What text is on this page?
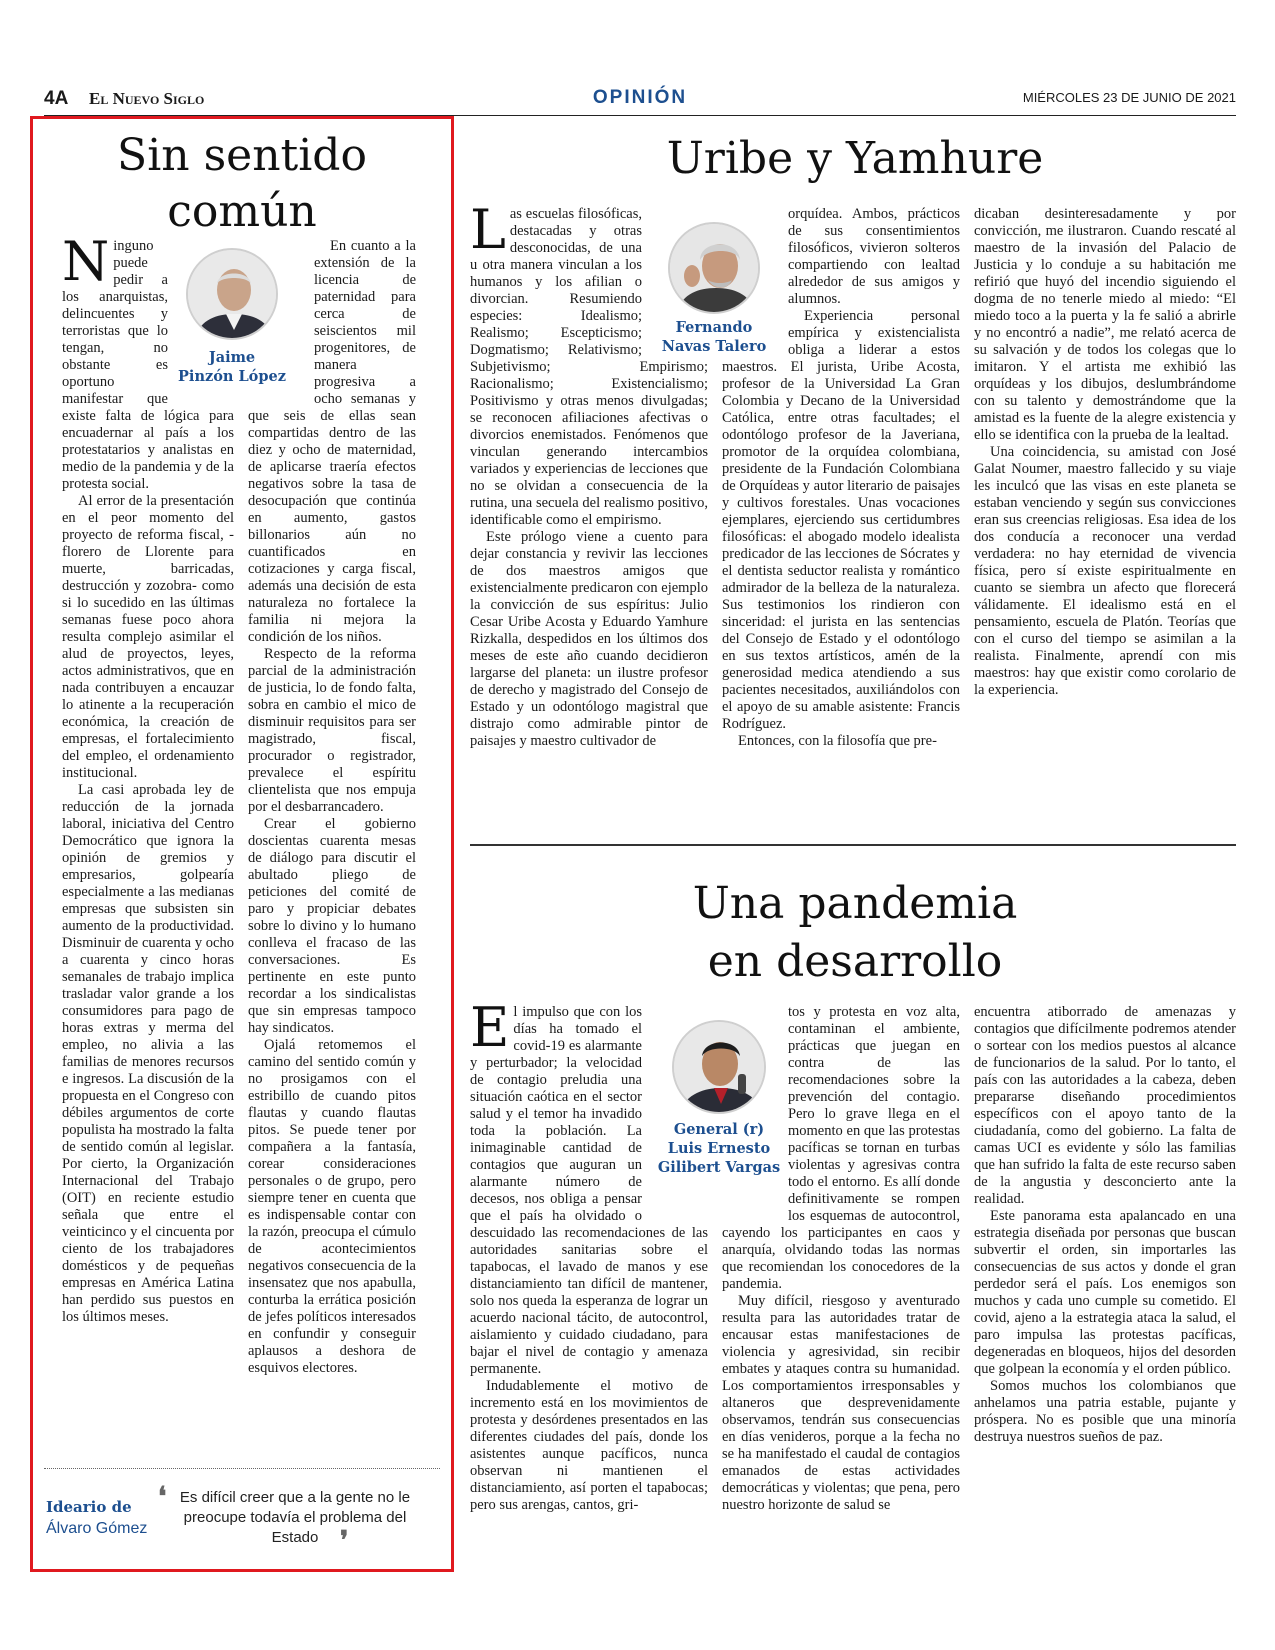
4A El Nuevo Siglo	OPINIÓN	MIÉRCOLES 23 DE JUNIO DE 2021
Sin sentido común
Jaime
Pinzón López

Ninguno puede pedir a los anarquistas, delincuentes y terroristas que lo tengan, no obstante es oportuno manifestar que existe falta de lógica para encuadernar al país a los protestatarios y analistas en medio de la pandemia y de la protesta social.

Al error de la presentación en el peor momento del proyecto de reforma fiscal, -florero de Llorente para muerte, barricadas, destrucción y zozobra- como si lo sucedido en las últimas semanas fuese poco ahora resulta complejo asimilar el alud de proyectos, leyes, actos administrativos, que en nada contribuyen a encauzar lo atinente a la recuperación económica, la creación de empresas, el fortalecimiento del empleo, el ordenamiento institucional.

La casi aprobada ley de reducción de la jornada laboral, iniciativa del Centro Democrático que ignora la opinión de gremios y empresarios, golpearía especialmente a las medianas empresas que subsisten sin aumento de la productividad. Disminuir de cuarenta y ocho a cuarenta y cinco horas semanales de trabajo implica trasladar valor grande a los consumidores para pago de horas extras y merma del empleo, no alivia a las familias de menores recursos e ingresos. La discusión de la propuesta en el Congreso con débiles argumentos de corte populista ha mostrado la falta de sentido común al legislar. Por cierto, la Organización Internacional del Trabajo (OIT) en reciente estudio señala que entre el veinticinco y el cincuenta por ciento de los trabajadores domésticos y de pequeñas empresas en América Latina han perdido sus puestos en los últimos meses.

En cuanto a la extensión de la licencia de paternidad para cerca de seiscientos mil progenitores, de manera progresiva a ocho semanas y que seis de ellas sean compartidas dentro de las diez y ocho de maternidad, de aplicarse traería efectos negativos sobre la tasa de desocupación que continúa en aumento, gastos billonarios aún no cuantificados en cotizaciones y carga fiscal, además una decisión de esta naturaleza no fortalece la familia ni mejora la condición de los niños.

Respecto de la reforma parcial de la administración de justicia, lo de fondo falta, sobra en cambio el mico de disminuir requisitos para ser magistrado, fiscal, procurador o registrador, prevalece el espíritu clientelista que nos empuja por el desbarrancadero.

Crear el gobierno doscientas cuarenta mesas de diálogo para discutir el abultado pliego de peticiones del comité de paro y propiciar debates sobre lo divino y lo humano conlleva el fracaso de las conversaciones. Es pertinente en este punto recordar a los sindicalistas que sin empresas tampoco hay sindicatos.

Ojalá retomemos el camino del sentido común y no prosigamos con el estribillo de cuando pitos flautas y cuando flautas pitos. Se puede tener por compañera a la fantasía, corear consideraciones personales o de grupo, pero siempre tener en cuenta que es indispensable contar con la razón, preocupa el cúmulo de acontecimientos negativos consecuencia de la insensatez que nos apabulla, conturba la errática posición de jefes políticos interesados en confundir y conseguir aplausos a deshora de esquivos electores.

Ideario de
Álvaro Gómez
❛ Es difícil creer que a la gente no le preocupe todavía el problema del Estado ❜
Uribe y Yamhure
Fernando
Navas Talero

Las escuelas filosóficas, destacadas y otras desconocidas, de una u otra manera vinculan a los humanos y los afilian o divorcian. Resumiendo especies: Idealismo; Realismo; Escepticismo; Dogmatismo; Relativismo; Subjetivismo; Empirismo; Racionalismo; Existencialismo; Positivismo y otras menos divulgadas; se reconocen afiliaciones afectivas o divorcios enemistados. Fenómenos que vinculan generando intercambios variados y experiencias de lecciones que no se olvidan a consecuencia de la rutina, una secuela del realismo positivo, identificable como el empirismo.

Este prólogo viene a cuento para dejar constancia y revivir las lecciones de dos maestros amigos que existencialmente predicaron con ejemplo la convicción de sus espíritus: Julio Cesar Uribe Acosta y Eduardo Yamhure Rizkalla, despedidos en los últimos dos meses de este año cuando decidieron largarse del planeta: un ilustre profesor de derecho y magistrado del Consejo de Estado y un odontólogo magistral que distrajo como admirable pintor de paisajes y maestro cultivador de

orquídea. Ambos, prácticos de sus consentimientos filosóficos, vivieron solteros compartiendo con lealtad alrededor de sus amigos y alumnos.

Experiencia personal empírica y existencialista obliga a liderar a estos maestros. El jurista, Uribe Acosta, profesor de la Universidad La Gran Colombia y Decano de la Universidad Católica, entre otras facultades; el odontólogo profesor de la Javeriana, promotor de la orquídea colombiana, presidente de la Fundación Colombiana de Orquídeas y autor literario de paisajes y cultivos forestales. Unas vocaciones ejemplares, ejerciendo sus certidumbres filosóficas: el abogado modelo idealista predicador de las lecciones de Sócrates y el dentista seductor realista y romántico admirador de la belleza de la naturaleza. Sus testimonios los rindieron con sinceridad: el jurista en las sentencias del Consejo de Estado y el odontólogo en sus textos artísticos, amén de la generosidad medica atendiendo a sus pacientes necesitados, auxiliándolos con el apoyo de su amable asistente: Francis Rodríguez.

Entonces, con la filosofía que pre-

dicaban desinteresadamente y por convicción, me ilustraron. Cuando rescaté al maestro de la invasión del Palacio de Justicia y lo conduje a su habitación me refirió que huyó del incendio siguiendo el dogma de no tenerle miedo al miedo: “El miedo toco a la puerta y la fe salió a abrirle y no encontró a nadie”, me relató acerca de su salvación y de todos los colegas que lo imitaron. Y el artista me exhibió las orquídeas y los dibujos, deslumbrándome con su talento y demostrándome que la amistad es la fuente de la alegre existencia y ello se identifica con la prueba de la lealtad.

Una coincidencia, su amistad con José Galat Noumer, maestro fallecido y su viaje les inculcó que las visas en este planeta se estaban venciendo y según sus convicciones eran sus creencias religiosas. Esa idea de los dos conducía a reconocer una verdad verdadera: no hay eternidad de vivencia física, pero sí existe espiritualmente en cuanto se siembra un afecto que florecerá válidamente. El idealismo está en el pensamiento, escuela de Platón. Teorías que con el curso del tiempo se asimilan a la realista. Finalmente, aprendí con mis maestros: hay que existir como corolario de la experiencia.

Una pandemia en desarrollo
General (r)
Luis Ernesto
Gilibert Vargas

El impulso que con los días ha tomado el covid-19 es alarmante y perturbador; la velocidad de contagio preludia una situación caótica en el sector salud y el temor ha invadido toda la población. La inimaginable cantidad de contagios que auguran un alarmante número de decesos, nos obliga a pensar que el país ha olvidado o descuidado las recomendaciones de las autoridades sanitarias sobre el tapabocas, el lavado de manos y ese distanciamiento tan difícil de mantener, solo nos queda la esperanza de lograr un acuerdo nacional tácito, de autocontrol, aislamiento y cuidado ciudadano, para bajar el nivel de contagio y amenaza permanente.

Indudablemente el motivo de incremento está en los movimientos de protesta y desórdenes presentados en las diferentes ciudades del país, donde los asistentes aunque pacíficos, nunca observan ni mantienen el distanciamiento, así porten el tapabocas; pero sus arengas, cantos, gri-

tos y protesta en voz alta, contaminan el ambiente, prácticas que juegan en contra de las recomendaciones sobre la prevención del contagio. Pero lo grave llega en el momento en que las protestas pacíficas se tornan en turbas violentas y agresivas contra todo el entorno. Es allí donde definitivamente se rompen los esquemas de autocontrol, cayendo los participantes en caos y anarquía, olvidando todas las normas que recomiendan los conocedores de la pandemia.

Muy difícil, riesgoso y aventurado resulta para las autoridades tratar de encausar estas manifestaciones de violencia y agresividad, sin recibir embates y ataques contra su humanidad. Los comportamientos irresponsables y altaneros que desprevenidamente observamos, tendrán sus consecuencias en días venideros, porque a la fecha no se ha manifestado el caudal de contagios emanados de estas actividades democráticas y violentas; que pena, pero nuestro horizonte de salud se

encuentra atiborrado de amenazas y contagios que difícilmente podremos atender o sortear con los medios puestos al alcance de funcionarios de la salud. Por lo tanto, el país con las autoridades a la cabeza, deben prepararse diseñando procedimientos específicos con el apoyo tanto de la ciudadanía, como del gobierno. La falta de camas UCI es evidente y sólo las familias que han sufrido la falta de este recurso saben de la angustia y desconcierto ante la realidad.

Este panorama esta apalancado en una estrategia diseñada por personas que buscan subvertir el orden, sin importarles las consecuencias de sus actos y donde el gran perdedor será el país. Los enemigos son muchos y cada uno cumple su cometido. El covid, ajeno a la estrategia ataca la salud, el paro impulsa las protestas pacíficas, degeneradas en bloqueos, hijos del desorden que golpean la economía y el orden público.

Somos muchos los colombianos que anhelamos una patria estable, pujante y próspera. No es posible que una minoría destruya nuestros sueños de paz.
